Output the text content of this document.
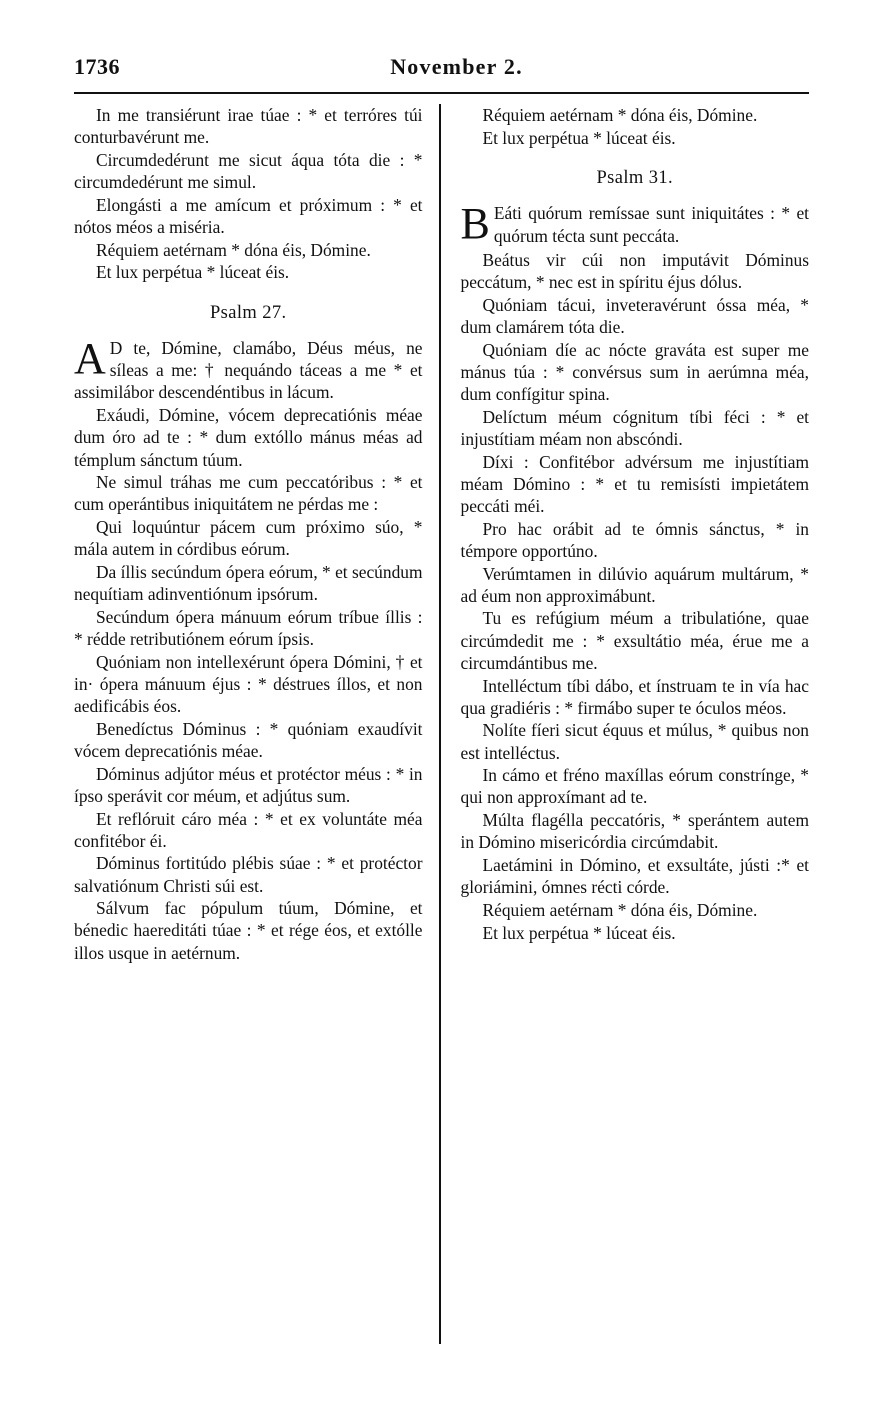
1736	November 2.

In me transiérunt irae túae : * et terróres túi conturbavérunt me.

Circumdedérunt me sicut áqua tóta die : * circumdedérunt me simul.

Elongásti a me amícum et próximum : * et nótos méos a miséria.

Réquiem aetérnam * dóna éis, Dómine.

Et lux perpétua * lúceat éis.

Psalm 27.
A D te, Dómine, clamábo, Déus méus, ne síleas a me: † nequándo táceas a me * et assimilábor descendéntibus in lácum.

Exáudi, Dómine, vócem deprecatiónis méae dum óro ad te : * dum extóllo mánus méas ad témplum sánctum túum.

Ne simul tráhas me cum peccatóribus : * et cum operántibus iniquitátem ne pérdas me :

Qui loquúntur pácem cum próximo súo, * mála autem in córdibus eórum.

Da íllis secúndum ópera eórum, * et secúndum nequítiam adinventiónum ipsórum.

Secúndum ópera mánuum eórum tríbue íllis : * rédde retributiónem eórum ípsis.

Quóniam non intellexérunt ópera Dómini, † et in· ópera mánuum éjus : * déstrues íllos, et non aedificábis éos.

Benedíctus Dóminus : * quóniam exaudívit vócem deprecatiónis méae.

Dóminus adjútor méus et protéctor méus : * in ípso sperávit cor méum, et adjútus sum.

Et reflóruit cáro méa : * et ex voluntáte méa confitébor éi.

Dóminus fortitúdo plébis súae : * et protéctor salvatiónum Christi súi est.

Sálvum fac pópulum túum, Dómine, et bénedic haereditáti túae : * et rége éos, et extólle illos usque in aetérnum.

Réquiem aetérnam * dóna éis, Dómine.

Et lux perpétua * lúceat éis.

Psalm 31.
B Eáti quórum remíssae sunt iniquitátes : * et quórum técta sunt peccáta.

Beátus vir cúi non imputávit Dóminus peccátum, * nec est in spíritu éjus dólus.

Quóniam tácui, inveteravérunt óssa méa, * dum clamárem tóta die.

Quóniam díe ac nócte graváta est super me mánus túa : * convérsus sum in aerúmna méa, dum confígitur spina.

Delíctum méum cógnitum tíbi féci : * et injustítiam méam non abscóndi.

Díxi : Confitébor advérsum me injustítiam méam Dómino : * et tu remisísti impietátem peccáti méi.

Pro hac orábit ad te ómnis sánctus, * in témpore opportúno.

Verúmtamen in dilúvio aquárum multárum, * ad éum non approximábunt.

Tu es refúgium méum a tribulatióne, quae circúmdedit me : * exsultátio méa, érue me a circumdántibus me.

Intelléctum tíbi dábo, et ínstruam te in vía hac qua gradiéris : * firmábo super te óculos méos.

Nolíte fíeri sicut équus et múlus, * quibus non est intelléctus.

In cámo et fréno maxíllas eórum constrínge, * qui non approxímant ad te.

Múlta flagélla peccatóris, * sperántem autem in Dómino misericórdia circúmdabit.

Laetámini in Dómino, et exsultáte, jústi :* et gloriámini, ómnes récti córde.

Réquiem aetérnam * dóna éis, Dómine.

Et lux perpétua * lúceat éis.
